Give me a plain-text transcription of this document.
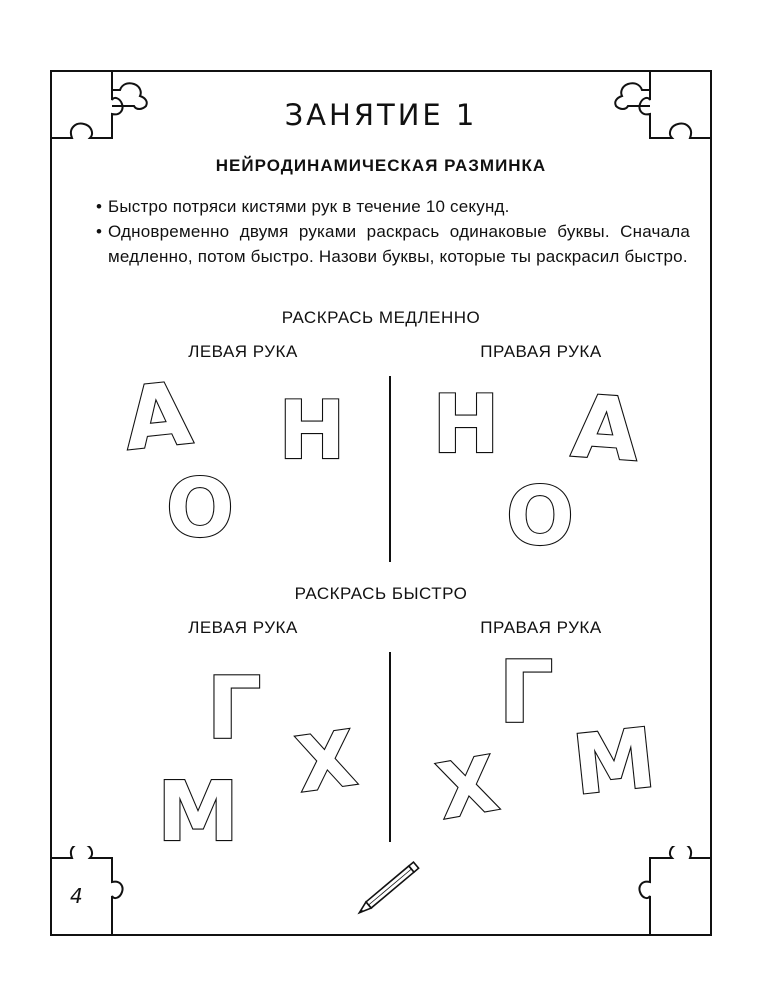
ЗАНЯТИЕ 1
НЕЙРОДИНАМИЧЕСКАЯ РАЗМИНКА
• Быстро потряси кистями рук в течение 10 секунд.
• Одновременно двумя руками раскрась одинаковые буквы. Сначала медленно, потом быстро. Назови буквы, которые ты раскрасил быстро.
РАСКРАСЬ МЕДЛЕННО
ЛЕВАЯ РУКА	ПРАВАЯ РУКА
РАСКРАСЬ БЫСТРО
ЛЕВАЯ РУКА	ПРАВАЯ РУКА
А Н
О
Н А
О
Г
Х
М
Г
М
Х
4
